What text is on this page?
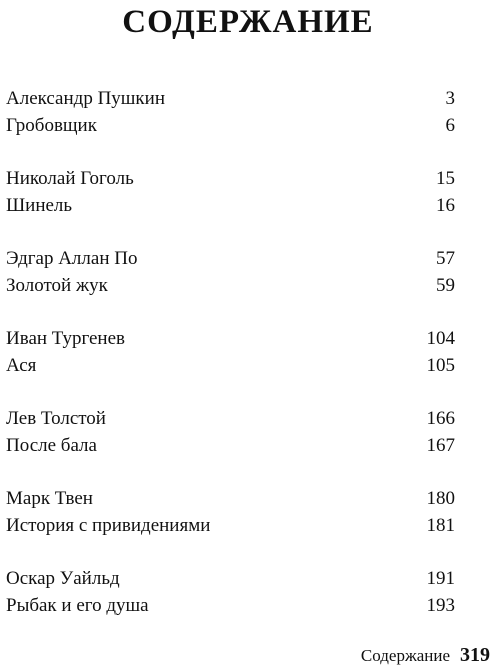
СОДЕРЖАНИЕ
Александр Пушкин	3
Гробовщик	6
Николай Гоголь	15
Шинель	16
Эдгар Аллан По	57
Золотой жук	59
Иван Тургенев	104
Ася	105
Лев Толстой	166
После бала	167
Марк Твен	180
История с привидениями	181
Оскар Уайльд	191
Рыбак и его душа	193
Содержание 319
